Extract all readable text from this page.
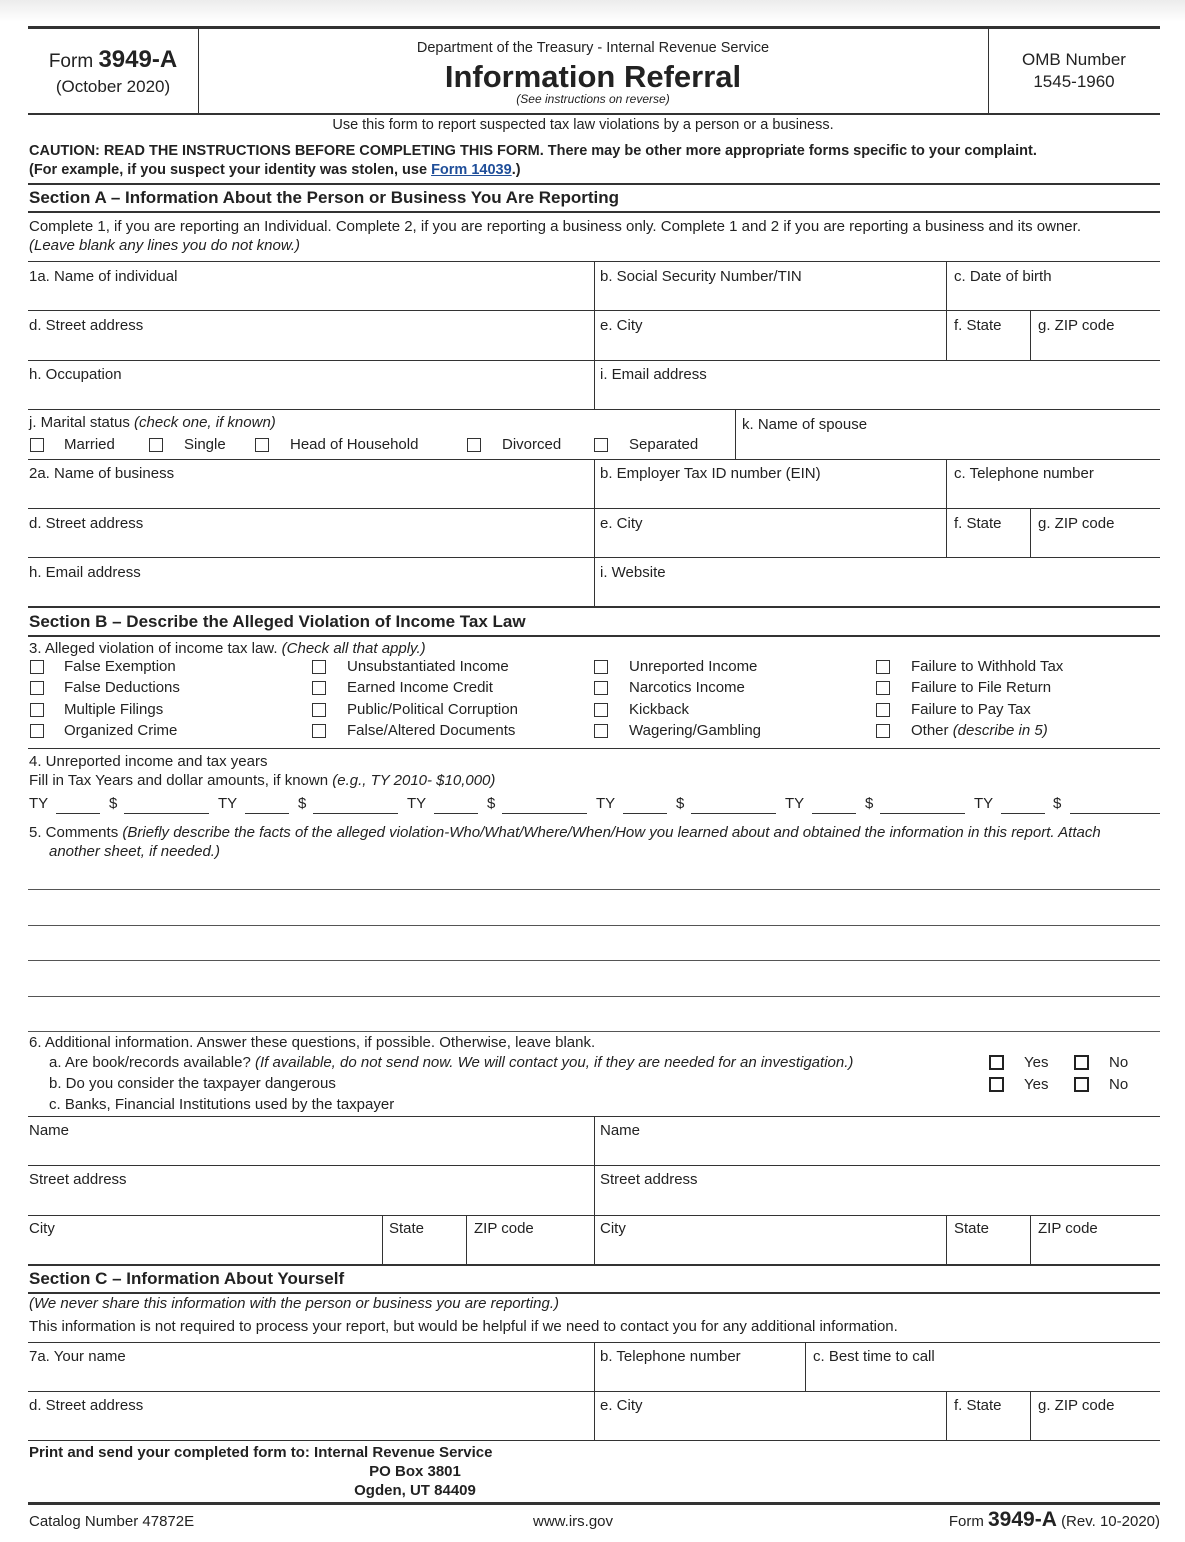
Form 3949-A
(October 2020)
Department of the Treasury - Internal Revenue Service
Information Referral
(See instructions on reverse)
OMB Number
1545-1960
Use this form to report suspected tax law violations by a person or a business.
CAUTION: READ THE INSTRUCTIONS BEFORE COMPLETING THIS FORM. There may be other more appropriate forms specific to your complaint.
(For example, if you suspect your identity was stolen, use Form 14039.)
Section A – Information About the Person or Business You Are Reporting
Complete 1, if you are reporting an Individual. Complete 2, if you are reporting a business only. Complete 1 and 2 if you are reporting a business and its owner.
(Leave blank any lines you do not know.)
1a. Name of individual	b. Social Security Number/TIN	c. Date of birth
d. Street address	e. City	f. State g. ZIP code
h. Occupation	i. Email address
j. Marital status (check one, if known)
Married	Single	Head of Household	Divorced	Separated
k. Name of spouse
2a. Name of business	b. Employer Tax ID number (EIN)	c. Telephone number
d. Street address	e. City	f. State g. ZIP code
h. Email address	i. Website
Section B – Describe the Alleged Violation of Income Tax Law
3. Alleged violation of income tax law. (Check all that apply.)
False Exemption
False Deductions
Multiple Filings
Organized Crime
Unsubstantiated Income
Earned Income Credit
Public/Political Corruption
False/Altered Documents
Unreported Income
Narcotics Income
Kickback
Wagering/Gambling
Failure to Withhold Tax
Failure to File Return
Failure to Pay Tax
Other (describe in 5)
4. Unreported income and tax years
Fill in Tax Years and dollar amounts, if known (e.g., TY 2010- $10,000)
TY	$	TY	$	TY	$	TY	$	TY	$	TY	$
5. Comments (Briefly describe the facts of the alleged violation-Who/What/Where/When/How you learned about and obtained the information in this report. Attach
another sheet, if needed.)
6. Additional information. Answer these questions, if possible. Otherwise, leave blank.
a. Are book/records available? (If available, do not send now. We will contact you, if they are needed for an investigation.)
b. Do you consider the taxpayer dangerous
c. Banks, Financial Institutions used by the taxpayer
Yes	No
Yes	No
Name	Name
Street address	Street address
City	State	ZIP code	City	State	ZIP code
Section C – Information About Yourself
(We never share this information with the person or business you are reporting.)
This information is not required to process your report, but would be helpful if we need to contact you for any additional information.
7a. Your name	b. Telephone number	c. Best time to call
d. Street address	e. City	f. State g. ZIP code
Print and send your completed form to: Internal Revenue Service
PO Box 3801
Ogden, UT 84409
Catalog Number 47872E	www.irs.gov	Form 3949-A (Rev. 10-2020)
